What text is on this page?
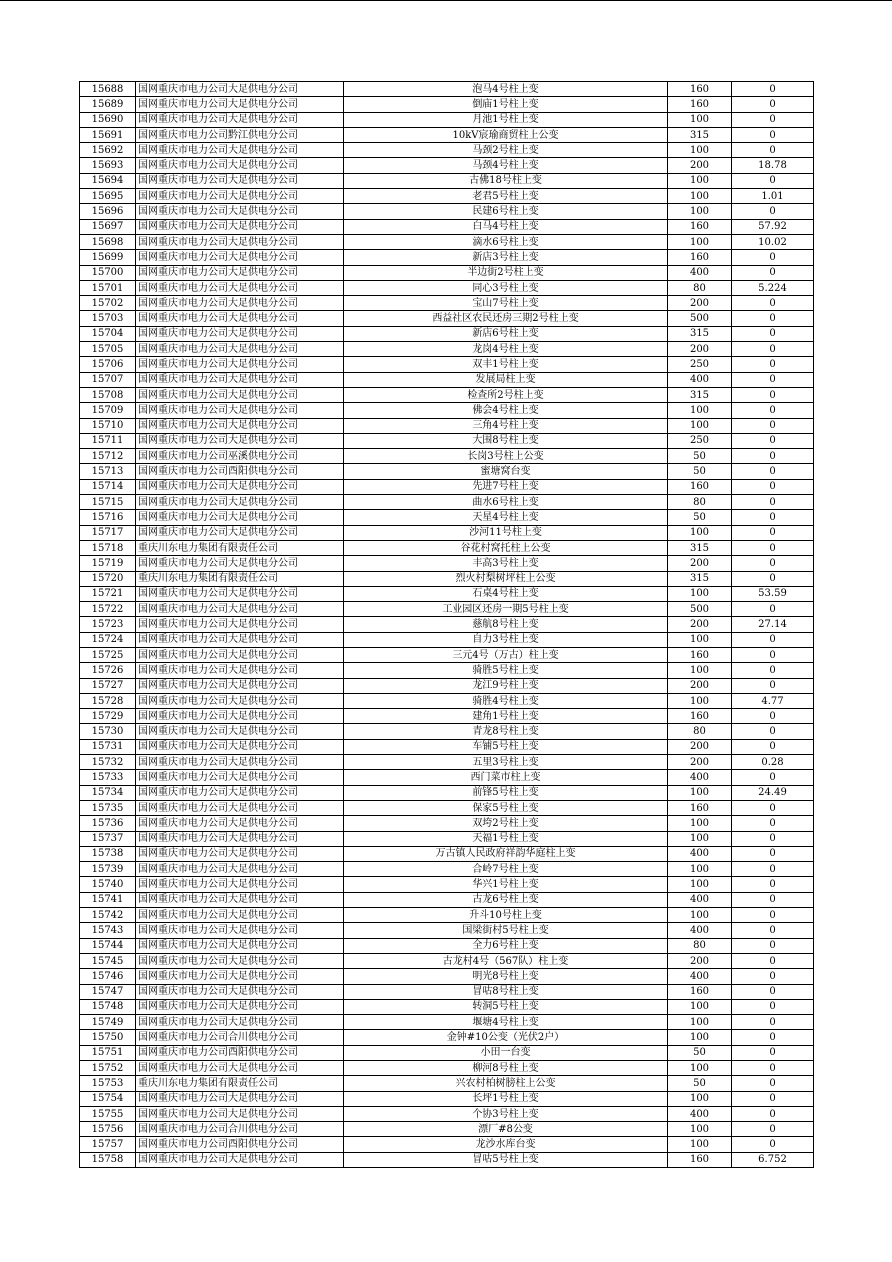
15688	国网重庆市电力公司大足供电分公司	泡马4号柱上变	160	0
15689	国网重庆市电力公司大足供电分公司	倒庙1号柱上变	160	0
15690	国网重庆市电力公司大足供电分公司	月池1号柱上变	100	0
15691	国网重庆市电力公司黔江供电分公司	10kV宸瑜商贸柱上公变	315	0
15692	国网重庆市电力公司大足供电分公司	马颈2号柱上变	100	0
15693	国网重庆市电力公司大足供电分公司	马颈4号柱上变	200	18.78
15694	国网重庆市电力公司大足供电分公司	古佛18号柱上变	100	0
15695	国网重庆市电力公司大足供电分公司	老君5号柱上变	100	1.01
15696	国网重庆市电力公司大足供电分公司	民建6号柱上变	100	0
15697	国网重庆市电力公司大足供电分公司	白马4号柱上变	160	57.92
15698	国网重庆市电力公司大足供电分公司	滴水6号柱上变	100	10.02
15699	国网重庆市电力公司大足供电分公司	新店3号柱上变	160	0
15700	国网重庆市电力公司大足供电分公司	半边街2号柱上变	400	0
15701	国网重庆市电力公司大足供电分公司	同心3号柱上变	80	5.224
15702	国网重庆市电力公司大足供电分公司	宝山7号柱上变	200	0
15703	国网重庆市电力公司大足供电分公司	西益社区农民还房三期2号柱上变	500	0
15704	国网重庆市电力公司大足供电分公司	新店6号柱上变	315	0
15705	国网重庆市电力公司大足供电分公司	龙岗4号柱上变	200	0
15706	国网重庆市电力公司大足供电分公司	双丰1号柱上变	250	0
15707	国网重庆市电力公司大足供电分公司	发展局柱上变	400	0
15708	国网重庆市电力公司大足供电分公司	检查所2号柱上变	315	0
15709	国网重庆市电力公司大足供电分公司	佛会4号柱上变	100	0
15710	国网重庆市电力公司大足供电分公司	三角4号柱上变	100	0
15711	国网重庆市电力公司大足供电分公司	大围8号柱上变	250	0
15712	国网重庆市电力公司巫溪供电分公司	长岗3号柱上公变	50	0
15713	国网重庆市电力公司酉阳供电分公司	蜜塘窝台变	50	0
15714	国网重庆市电力公司大足供电分公司	先进7号柱上变	160	0
15715	国网重庆市电力公司大足供电分公司	曲水6号柱上变	80	0
15716	国网重庆市电力公司大足供电分公司	天星4号柱上变	50	0
15717	国网重庆市电力公司大足供电分公司	沙河11号柱上变	100	0
15718	重庆川东电力集团有限责任公司	谷花村窝托柱上公变	315	0
15719	国网重庆市电力公司大足供电分公司	丰高3号柱上变	200	0
15720	重庆川东电力集团有限责任公司	烈火村梨树坪柱上公变	315	0
15721	国网重庆市电力公司大足供电分公司	石桌4号柱上变	100	53.59
15722	国网重庆市电力公司大足供电分公司	工业园区还房一期5号柱上变	500	0
15723	国网重庆市电力公司大足供电分公司	慈航8号柱上变	200	27.14
15724	国网重庆市电力公司大足供电分公司	自力3号柱上变	100	0
15725	国网重庆市电力公司大足供电分公司	三元4号（万古）柱上变	160	0
15726	国网重庆市电力公司大足供电分公司	骑胜5号柱上变	100	0
15727	国网重庆市电力公司大足供电分公司	龙江9号柱上变	200	0
15728	国网重庆市电力公司大足供电分公司	骑胜4号柱上变	100	4.77
15729	国网重庆市电力公司大足供电分公司	建角1号柱上变	160	0
15730	国网重庆市电力公司大足供电分公司	青龙8号柱上变	80	0
15731	国网重庆市电力公司大足供电分公司	车铺5号柱上变	200	0
15732	国网重庆市电力公司大足供电分公司	五里3号柱上变	200	0.28
15733	国网重庆市电力公司大足供电分公司	西门菜市柱上变	400	0
15734	国网重庆市电力公司大足供电分公司	前锋5号柱上变	100	24.49
15735	国网重庆市电力公司大足供电分公司	保家5号柱上变	160	0
15736	国网重庆市电力公司大足供电分公司	双垮2号柱上变	100	0
15737	国网重庆市电力公司大足供电分公司	天福1号柱上变	100	0
15738	国网重庆市电力公司大足供电分公司	万古镇人民政府祥韵华庭柱上变	400	0
15739	国网重庆市电力公司大足供电分公司	合岭7号柱上变	100	0
15740	国网重庆市电力公司大足供电分公司	华兴1号柱上变	100	0
15741	国网重庆市电力公司大足供电分公司	古龙6号柱上变	400	0
15742	国网重庆市电力公司大足供电分公司	升斗10号柱上变	100	0
15743	国网重庆市电力公司大足供电分公司	国梁街村5号柱上变	400	0
15744	国网重庆市电力公司大足供电分公司	全力6号柱上变	80	0
15745	国网重庆市电力公司大足供电分公司	古龙村4号（567队）柱上变	200	0
15746	国网重庆市电力公司大足供电分公司	明光8号柱上变	400	0
15747	国网重庆市电力公司大足供电分公司	冒咕8号柱上变	160	0
15748	国网重庆市电力公司大足供电分公司	转洞5号柱上变	100	0
15749	国网重庆市电力公司大足供电分公司	堰塘4号柱上变	100	0
15750	国网重庆市电力公司合川供电分公司	金钟#10公变（光伏2户）	100	0
15751	国网重庆市电力公司酉阳供电分公司	小田一台变	50	0
15752	国网重庆市电力公司大足供电分公司	柳河8号柱上变	100	0
15753	重庆川东电力集团有限责任公司	兴农村柏树膀柱上公变	50	0
15754	国网重庆市电力公司大足供电分公司	长坪1号柱上变	100	0
15755	国网重庆市电力公司大足供电分公司	个协3号柱上变	400	0
15756	国网重庆市电力公司合川供电分公司	漂厂#8公变	100	0
15757	国网重庆市电力公司酉阳供电分公司	龙沙水库台变	100	0
15758	国网重庆市电力公司大足供电分公司	冒咕5号柱上变	160	6.752
